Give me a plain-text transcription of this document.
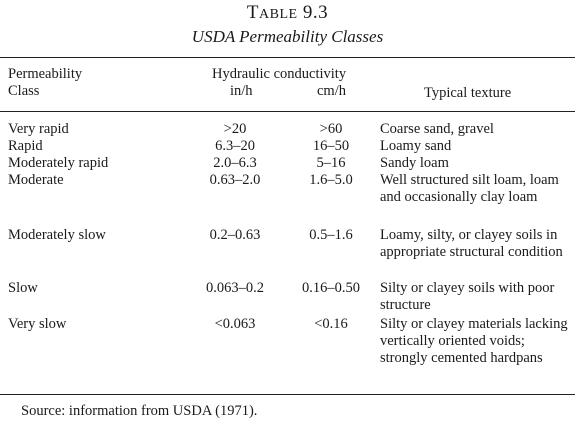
TABLE 9.3
USDA Permeability Classes
Permeability
Class
Hydraulic conductivity
in/h	cm/h	Typical texture
Very rapid	>20	>60	Coarse sand, gravel
Rapid	6.3–20	16–50	Loamy sand
Moderately rapid	2.0–6.3	5–16	Sandy loam
Moderate	0.63–2.0	1.6–5.0	Well structured silt loam, loam and occasionally clay loam
Moderately slow	0.2–0.63	0.5–1.6	Loamy, silty, or clayey soils in appropriate structural condition
Slow	0.063–0.2	0.16–0.50	Silty or clayey soils with poor structure
Very slow	<0.063	<0.16	Silty or clayey materials lacking vertically oriented voids; strongly cemented hardpans
Source: information from USDA (1971).
